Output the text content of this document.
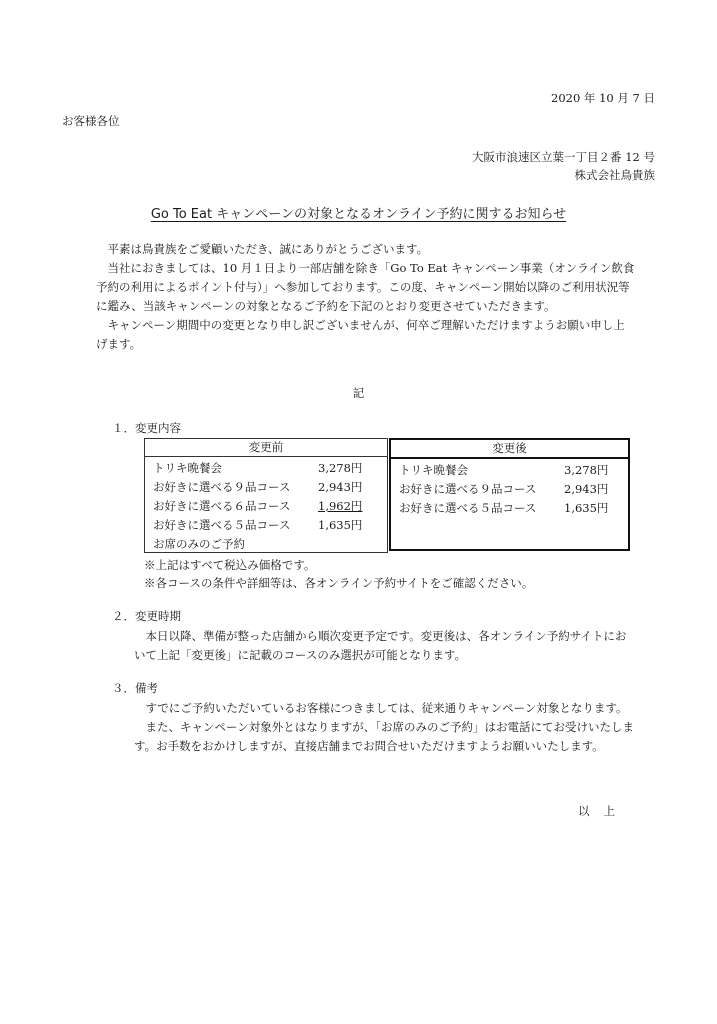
2020 年 10 月 7 日
お客様各位
大阪市浪速区立葉一丁目２番 12 号
株式会社鳥貴族
Go To Eat キャンペーンの対象となるオンライン予約に関するお知らせ

平素は鳥貴族をご愛顧いただき、誠にありがとうございます。

当社におきましては、10 月１日より一部店舗を除き「Go To Eat キャンペーン事業（オンライン飲食予約の利用によるポイント付与）」へ参加しております。この度、キャンペーン開始以降のご利用状況等に鑑み、当該キャンペーンの対象となるご予約を下記のとおり変更させていただきます。

キャンペーン期間中の変更となり申し訳ございませんが、何卒ご理解いただけますようお願い申し上げます。

記
１．変更内容
変更前
トリキ晩餐会	3,278円
お好きに選べる９品コース 2,943円
お好きに選べる６品コース 1,962円
お好きに選べる５品コース 1,635円
お席のみのご予約
変更後
トリキ晩餐会	3,278円
お好きに選べる９品コース 2,943円
お好きに選べる５品コース 1,635円
※上記はすべて税込み価格です。
※各コースの条件や詳細等は、各オンライン予約サイトをご確認ください。
２．変更時期

本日以降、準備が整った店舗から順次変更予定です。変更後は、各オンライン予約サイトにおいて上記「変更後」に記載のコースのみ選択が可能となります。

３．備考

すでにご予約いただいているお客様につきましては、従来通りキャンペーン対象となります。

また、キャンペーン対象外とはなりますが、「お席のみのご予約」はお電話にてお受けいたします。お手数をおかけしますが、直接店舗までお問合せいただけますようお願いいたします。

以上
